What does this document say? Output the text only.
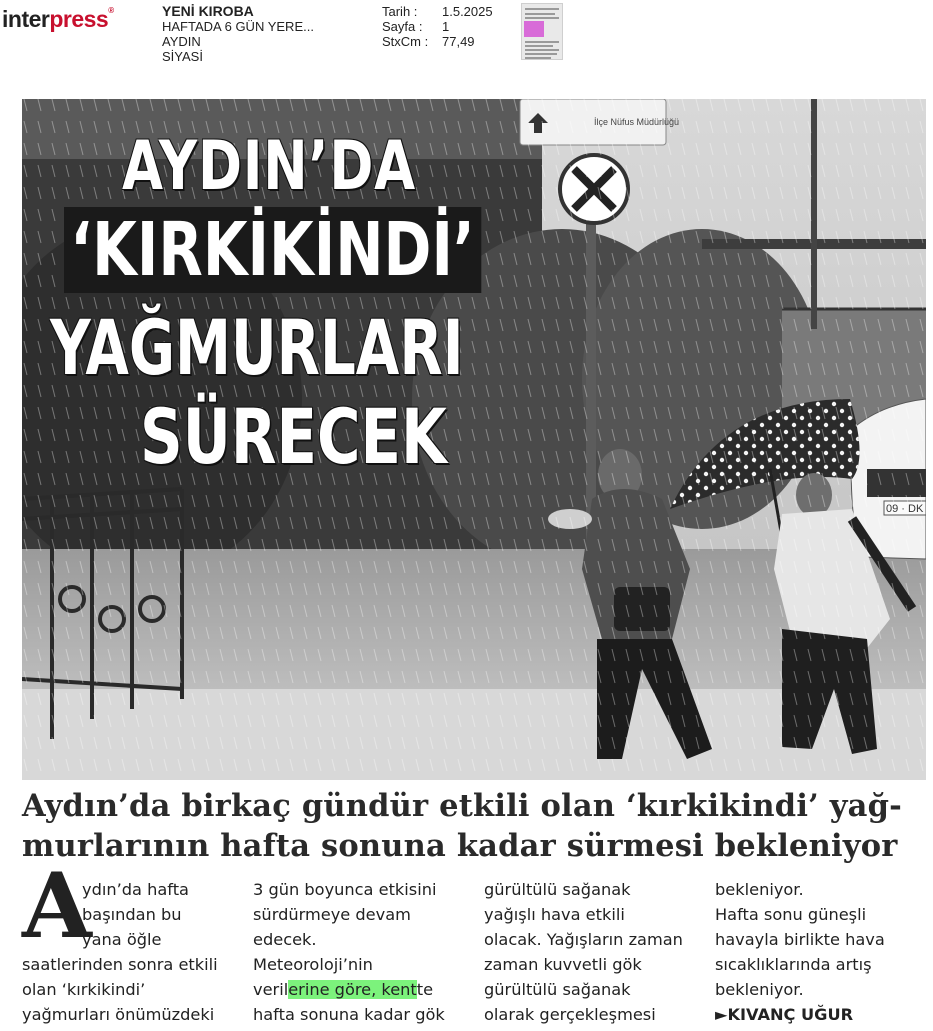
interpress®	YENİ KIROBA
HAFTADA 6 GÜN YERE...
AYDIN
SİYASİ
Tarih :	1.5.2025
Sayfa :	1
StxCm :	77,49
AYDIN’DA
‘KIRKİKİNDİ’
YAĞMURLARI
SÜRECEK
İlçe Nüfus Müdürlüğü
09 · DK
Aydın’da birkaç gündür etkili olan ‘kırkikindi’ yağ-
murlarının hafta sonuna kadar sürmesi bekleniyor
A
ydın’da hafta
başından bu
yana öğle
saatlerinden sonra etkili
olan ‘kırkikindi’
yağmurları önümüzdeki
3 gün boyunca etkisini
sürdürmeye devam
edecek.
Meteoroloji’nin
verilerine göre, kentte
hafta sonuna kadar gök
gürültülü sağanak
yağışlı hava etkili
olacak. Yağışların zaman
zaman kuvvetli gök
gürültülü sağanak
olarak gerçekleşmesi
bekleniyor.
Hafta sonu güneşli
havayla birlikte hava
sıcaklıklarında artış
bekleniyor.
►KIVANÇ UĞUR
